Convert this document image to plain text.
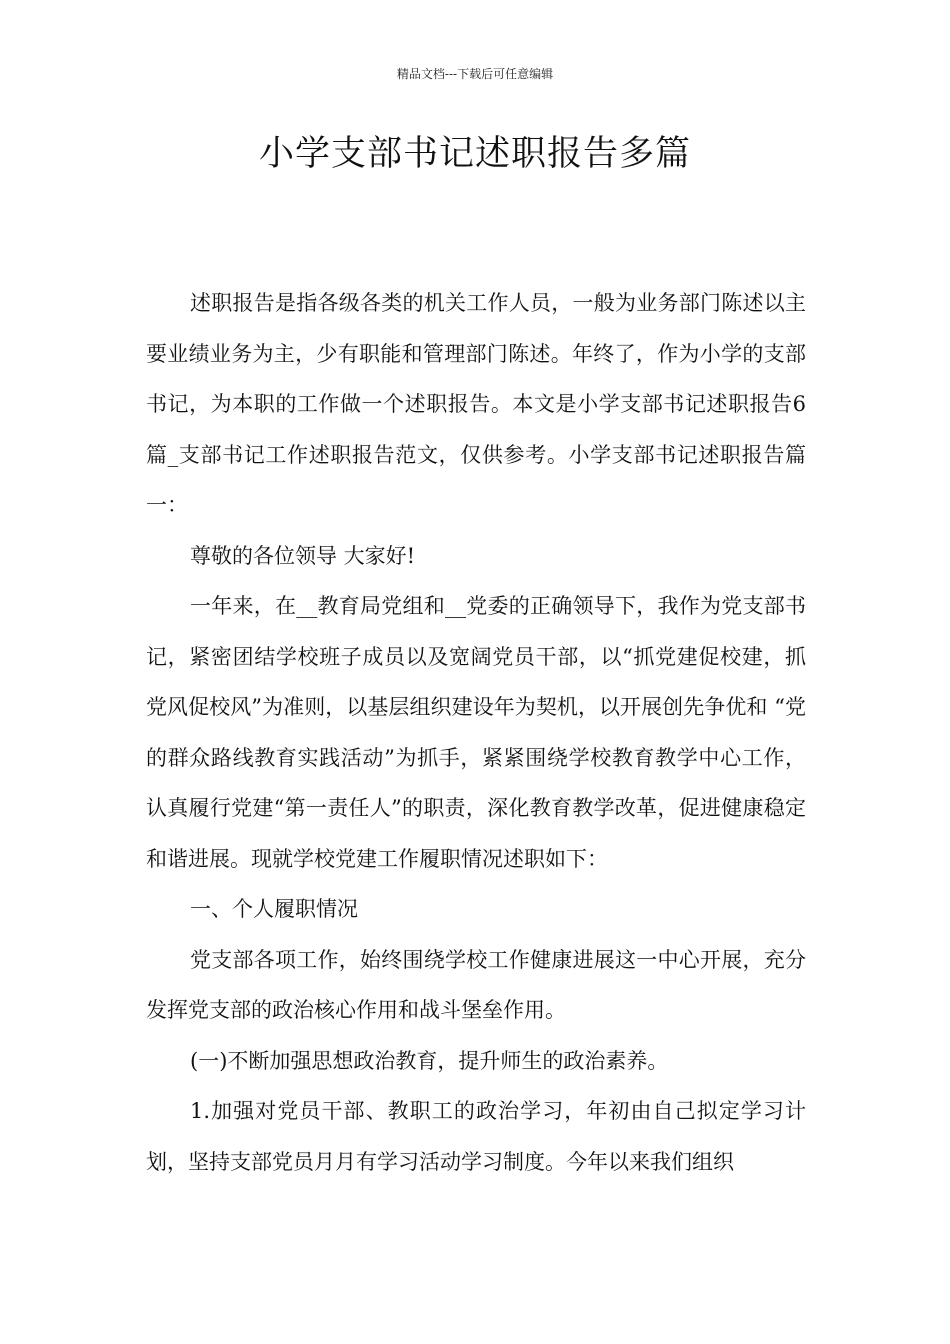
精品文档---下载后可任意编辑
小学支部书记述职报告多篇

述职报告是指各级各类的机关工作人员，一般为业务部门陈述以主要业绩业务为主，少有职能和管理部门陈述。年终了，作为小学的支部书记，为本职的工作做一个述职报告。本文是小学支部书记述职报告6篇_支部书记工作述职报告范文，仅供参考。小学支部书记述职报告篇一：

尊敬的各位领导 大家好!

一年来，在__教育局党组和__党委的正确领导下，我作为党支部书记，紧密团结学校班子成员以及宽阔党员干部，以“抓党建促校建，抓党风促校风”为准则，以基层组织建设年为契机，以开展创先争优和 “党的群众路线教育实践活动”为抓手，紧紧围绕学校教育教学中心工作，认真履行党建“第一责任人”的职责，深化教育教学改革，促进健康稳定和谐进展。现就学校党建工作履职情况述职如下：

一、个人履职情况

党支部各项工作，始终围绕学校工作健康进展这一中心开展，充分发挥党支部的政治核心作用和战斗堡垒作用。

(一)不断加强思想政治教育，提升师生的政治素养。

1.加强对党员干部、教职工的政治学习，年初由自己拟定学习计划，坚持支部党员月月有学习活动学习制度。今年以来我们组织
